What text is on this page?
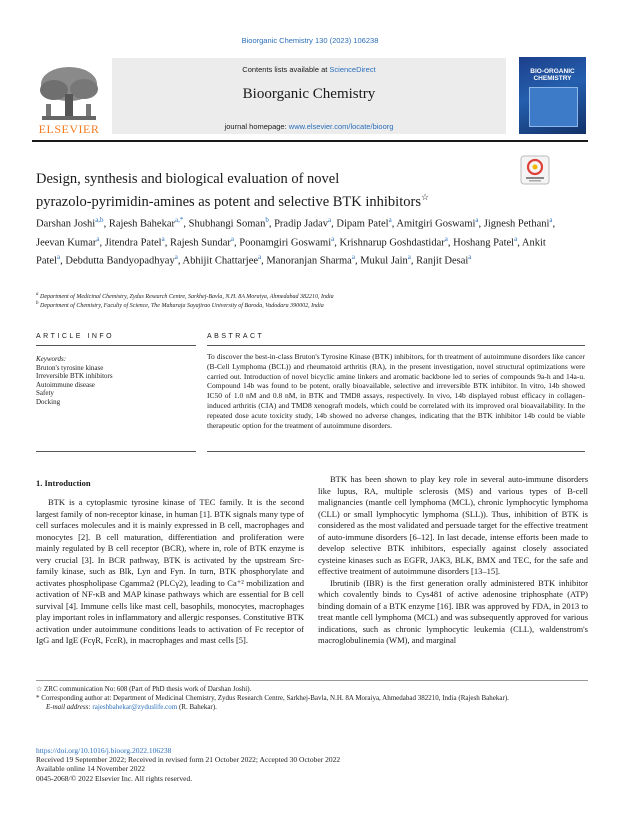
Bioorganic Chemistry 130 (2023) 106238
Contents lists available at ScienceDirect
Bioorganic Chemistry
journal homepage: www.elsevier.com/locate/bioorg
ELSEVIER
BIO-ORGANIC
CHEMISTRY
Design, synthesis and biological evaluation of novel
pyrazolo-pyrimidin-amines as potent and selective BTK inhibitors☆
Darshan Joshi$^{a,b}$, Rajesh Bahekar$^{a,*}$, Shubhangi Soman$^b$, Pradip Jadav$^a$, Dipam Patel$^a$, Amitgiri Goswami$^a$, Jignesh Pethani$^a$, Jeevan Kumar$^a$, Jitendra Patel$^a$, Rajesh Sundar$^a$, Poonamgiri Goswami$^a$, Krishnarup Goshdastidar$^a$, Hoshang Patel$^a$, Ankit Patel$^a$, Debdutta Bandyopadhyay$^a$, Abhijit Chattarjee$^a$, Manoranjan Sharma$^a$, Mukul Jain$^a$, Ranjit Desai$^a$
$^a$ Department of Medicinal Chemistry, Zydus Research Centre, Sarkhej-Bavla, N.H. 8A Moraiya, Ahmedabad 382210, India
$^b$ Department of Chemistry, Faculty of Science, The Maharaja Sayajirao University of Baroda, Vadodara 390002, India
ARTICLE INFO	ABSTRACT
Keywords:
Bruton's tyrosine kinase
Irreversible BTK inhibitors
Autoimmune disease
Safety
Docking
To discover the best-in-class Bruton's Tyrosine Kinase (BTK) inhibitors, for th treatment of autoimmune disorders like cancer (B-Cell Lymphoma (BCL)) and rheumatoid arthritis (RA), in the present investigation, novel structural optimizations were carried out. Introduction of novel bicyclic amine linkers and aromatic backbone led to series of compounds 9a-h and 14a-u. Compound 14b was found to be potent, orally bioavailable, selective and irreversible BTK inhibitor. In vitro, 14b showed IC50 of 1.0 nM and 0.8 nM, in BTK and TMD8 assays, respectively. In vivo, 14b displayed robust efficacy in collagen-induced arthritis (CIA) and TMD8 xenograft models, which could be correlated with its improved oral bioavailability. In the repeated dose acute toxicity study, 14b showed no adverse changes, indicating that the BTK inhibitor 14b could be viable therapeutic option for the treatment of autoimmune disorders.
1. Introduction

BTK is a cytoplasmic tyrosine kinase of TEC family. It is the second largest family of non-receptor kinase, in human [1]. BTK signals many type of cell surfaces molecules and it is mainly expressed in B cell, macrophages and monocytes [2]. B cell maturation, differentiation and proliferation were mainly regulated by B cell receptor (BCR), where in, role of BTK enzyme is very crucial [3]. In BCR pathway, BTK is activated by the upstream Src-family kinase, such as Blk, Lyn and Fyn. In turn, BTK phosphorylate and activates phospholipase Cgamma2 (PLCγ2), leading to Ca⁺² mobilization and activation of NF-κB and MAP kinase pathways which are essential for B cell survival [4]. Immune cells like mast cell, basophils, monocytes, macrophages play important roles in inflammatory and allergic responses. Constitutive BTK activation under autoimmune conditions leads to activation of Fc receptor of IgG and IgE (FcγR, FcεR), in macrophages and mast cells [5].

BTK has been shown to play key role in several auto-immune disorders like lupus, RA, multiple sclerosis (MS) and various types of B-cell malignancies (mantle cell lymphoma (MCL), chronic lymphocytic lymphoma (CLL) or small lymphocytic lymphoma (SLL)). Thus, inhibition of BTK is considered as the most validated and persuade target for the effective treatment of auto-immune disorders [6–12]. In last decade, intense efforts been made to develop selective BTK inhibitors, especially against closely associated cysteine kinases such as EGFR, JAK3, BLK, BMX and TEC, for the safe and effective treatment of autoimmune disorders [13–15].

Ibrutinib (IBR) is the first generation orally administered BTK inhibitor which covalently binds to Cys481 of active adenosine triphosphate (ATP) binding domain of a BTK enzyme [16]. IBR was approved by FDA, in 2013 to treat mantle cell lymphoma (MCL) and was subsequently approved for various indications, such as chronic lymphocytic leukemia (CLL), waldenstrom's macroglobulinemia (WM), and marginal

☆ ZRC communication No: 608 (Part of PhD thesis work of Darshan Joshi).
* Corresponding author at: Department of Medicinal Chemistry, Zydus Research Centre, Sarkhej-Bavla, N.H. 8A Moraiya, Ahmedabad 382210, India (Rajesh Bahekar).
E-mail address: rajeshbahekar@zyduslife.com (R. Bahekar).
https://doi.org/10.1016/j.bioorg.2022.106238
Received 19 September 2022; Received in revised form 21 October 2022; Accepted 30 October 2022
Available online 14 November 2022
0045-2068/© 2022 Elsevier Inc. All rights reserved.
